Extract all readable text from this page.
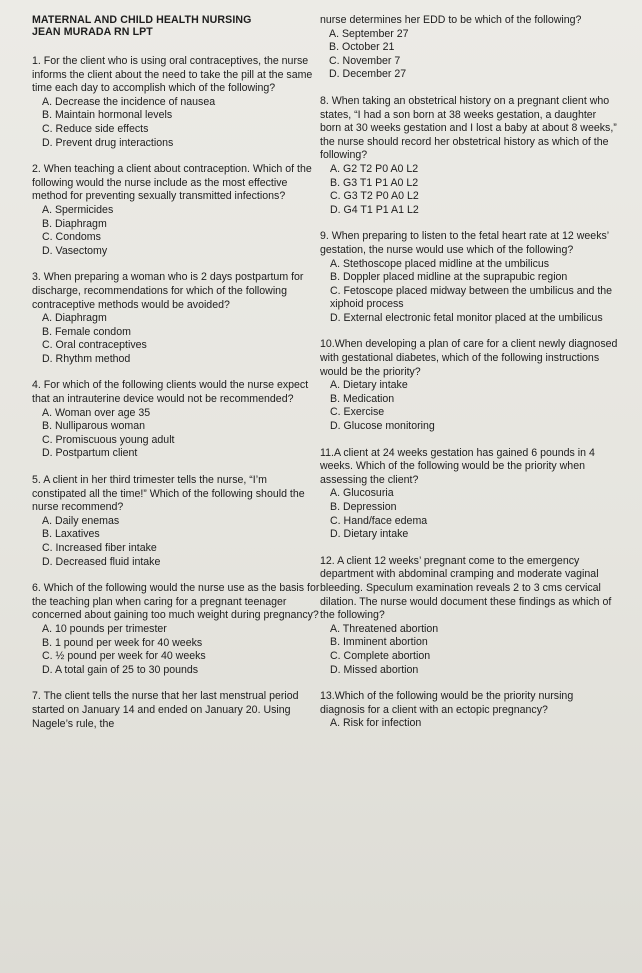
MATERNAL AND CHILD HEALTH NURSING

JEAN MURADA RN LPT

1. For the client who is using oral contraceptives, the nurse informs the client about the need to take the pill at the same time each day to accomplish which of the following?

A. Decrease the incidence of nausea

B. Maintain hormonal levels

C. Reduce side effects

D. Prevent drug interactions

2. When teaching a client about contraception. Which of the following would the nurse include as the most effective method for preventing sexually transmitted infections?

A. Spermicides

B. Diaphragm

C. Condoms

D. Vasectomy

3. When preparing a woman who is 2 days postpartum for discharge, recommendations for which of the following contraceptive methods would be avoided?

A. Diaphragm

B. Female condom

C. Oral contraceptives

D. Rhythm method

4. For which of the following clients would the nurse expect that an intrauterine device would not be recommended?

A. Woman over age 35

B. Nulliparous woman

C. Promiscuous young adult

D. Postpartum client

5. A client in her third trimester tells the nurse, “I’m constipated all the time!” Which of the following should the nurse recommend?

A. Daily enemas

B. Laxatives

C. Increased fiber intake

D. Decreased fluid intake

6. Which of the following would the nurse use as the basis for the teaching plan when caring for a pregnant teenager concerned about gaining too much weight during pregnancy?

A. 10 pounds per trimester

B. 1 pound per week for 40 weeks

C. ½ pound per week for 40 weeks

D. A total gain of 25 to 30 pounds

7. The client tells the nurse that her last menstrual period started on January 14 and ended on January 20. Using Nagele’s rule, the

nurse determines her EDD to be which of the following?

A. September 27

B. October 21

C. November 7

D. December 27

8. When taking an obstetrical history on a pregnant client who states, “I had a son born at 38 weeks gestation, a daughter born at 30 weeks gestation and I lost a baby at about 8 weeks,” the nurse should record her obstetrical history as which of the following?

A. G2 T2 P0 A0 L2

B. G3 T1 P1 A0 L2

C. G3 T2 P0 A0 L2

D. G4 T1 P1 A1 L2

9. When preparing to listen to the fetal heart rate at 12 weeks’ gestation, the nurse would use which of the following?

A. Stethoscope placed midline at the umbilicus

B. Doppler placed midline at the suprapubic region

C. Fetoscope placed midway between the umbilicus and the xiphoid process

D. External electronic fetal monitor placed at the umbilicus

10.When developing a plan of care for a client newly diagnosed with gestational diabetes, which of the following instructions would be the priority?

A. Dietary intake

B. Medication

C. Exercise

D. Glucose monitoring

11.A client at 24 weeks gestation has gained 6 pounds in 4 weeks. Which of the following would be the priority when assessing the client?

A. Glucosuria

B. Depression

C. Hand/face edema

D. Dietary intake

12. A client 12 weeks’ pregnant come to the emergency department with abdominal cramping and moderate vaginal bleeding. Speculum examination reveals 2 to 3 cms cervical dilation. The nurse would document these findings as which of the following?

A. Threatened abortion

B. Imminent abortion

C. Complete abortion

D. Missed abortion

13.Which of the following would be the priority nursing diagnosis for a client with an ectopic pregnancy?

A. Risk for infection
